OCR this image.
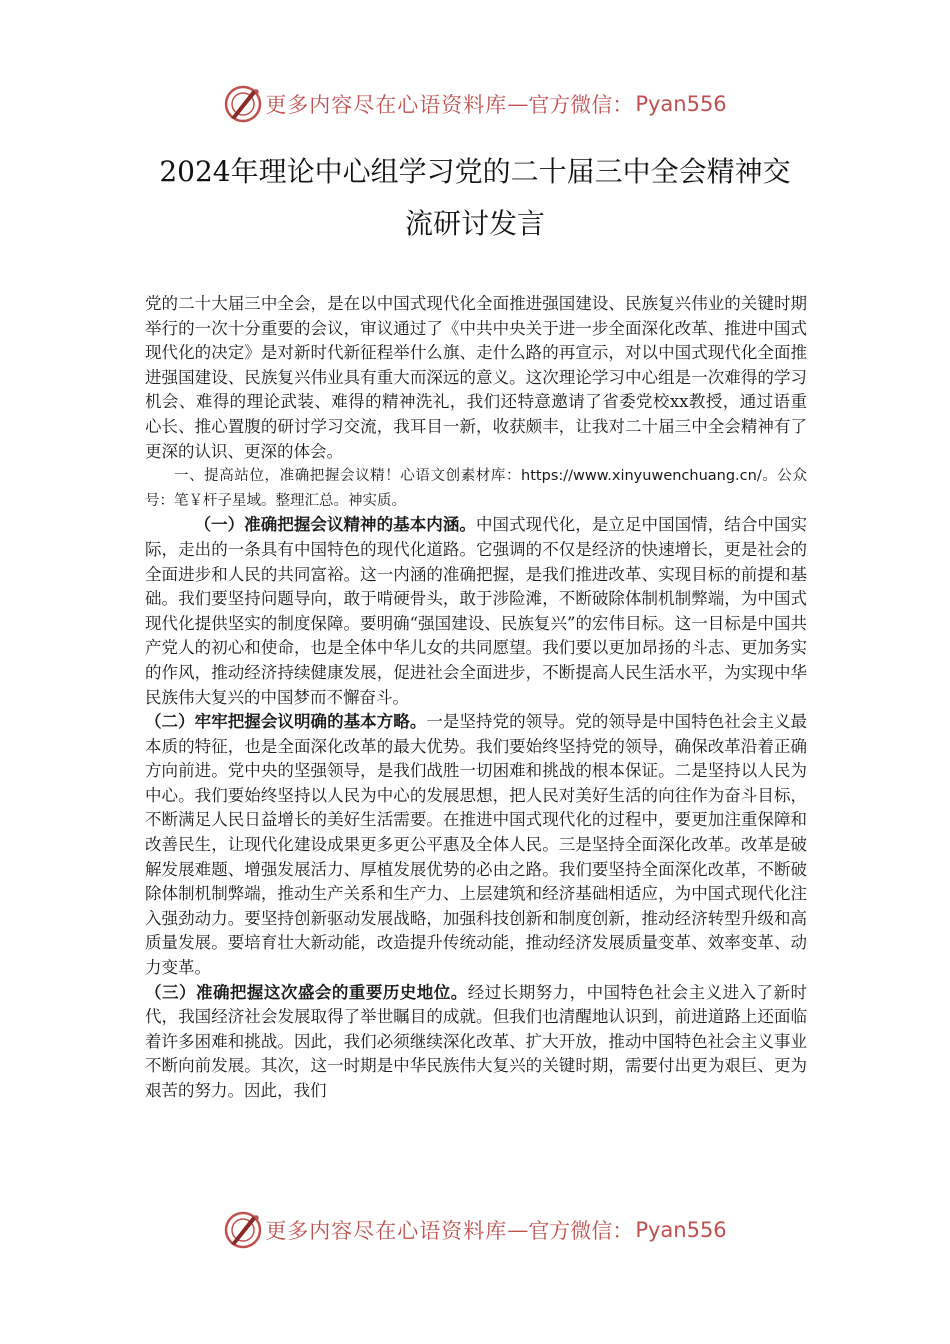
更多内容尽在心语资料库 — 官方微信： Pyan556
2024年理论中心组学习党的二十届三中全会精神交
流研讨发言

党的二十大届三中全会，是在以中国式现代化全面推进强国建设、民族复兴伟业的关键时期举行的一次十分重要的会议，审议通过了《中共中央关于进一步全面深化改革、推进中国式现代化的决定》是对新时代新征程举什么旗、走什么路的再宣示，对以中国式现代化全面推进强国建设、民族复兴伟业具有重大而深远的意义。这次理论学习中心组是一次难得的学习机会、难得的理论武装、难得的精神洗礼，我们还特意邀请了省委党校xx教授，通过语重心长、推心置腹的研讨学习交流，我耳目一新，收获颇丰，让我对二十届三中全会精神有了更深的认识、更深的体会。

一、提高站位，准确把握会议精！心语文创素材库：https://www.xinyuwenchuang.cn/。公众号：笔￥杆子星域。整理汇总。神实质。

（一）准确把握会议精神的基本内涵。中国式现代化，是立足中国国情，结合中国实际，走出的一条具有中国特色的现代化道路。它强调的不仅是经济的快速增长，更是社会的全面进步和人民的共同富裕。这一内涵的准确把握，是我们推进改革、实现目标的前提和基础。我们要坚持问题导向，敢于啃硬骨头，敢于涉险滩，不断破除体制机制弊端，为中国式现代化提供坚实的制度保障。要明确“强国建设、民族复兴”的宏伟目标。这一目标是中国共产党人的初心和使命，也是全体中华儿女的共同愿望。我们要以更加昂扬的斗志、更加务实的作风，推动经济持续健康发展，促进社会全面进步，不断提高人民生活水平，为实现中华民族伟大复兴的中国梦而不懈奋斗。

（二）牢牢把握会议明确的基本方略。一是坚持党的领导。党的领导是中国特色社会主义最本质的特征，也是全面深化改革的最大优势。我们要始终坚持党的领导，确保改革沿着正确方向前进。党中央的坚强领导，是我们战胜一切困难和挑战的根本保证。二是坚持以人民为中心。我们要始终坚持以人民为中心的发展思想，把人民对美好生活的向往作为奋斗目标，不断满足人民日益增长的美好生活需要。在推进中国式现代化的过程中，要更加注重保障和改善民生，让现代化建设成果更多更公平惠及全体人民。三是坚持全面深化改革。改革是破解发展难题、增强发展活力、厚植发展优势的必由之路。我们要坚持全面深化改革，不断破除体制机制弊端，推动生产关系和生产力、上层建筑和经济基础相适应，为中国式现代化注入强劲动力。要坚持创新驱动发展战略，加强科技创新和制度创新，推动经济转型升级和高质量发展。要培育壮大新动能，改造提升传统动能，推动经济发展质量变革、效率变革、动力变革。

（三）准确把握这次盛会的重要历史地位。经过长期努力，中国特色社会主义进入了新时代，我国经济社会发展取得了举世瞩目的成就。但我们也清醒地认识到，前进道路上还面临着许多困难和挑战。因此，我们必须继续深化改革、扩大开放，推动中国特色社会主义事业不断向前发展。其次，这一时期是中华民族伟大复兴的关键时期，需要付出更为艰巨、更为艰苦的努力。因此，我们

更多内容尽在心语资料库 — 官方微信： Pyan556
